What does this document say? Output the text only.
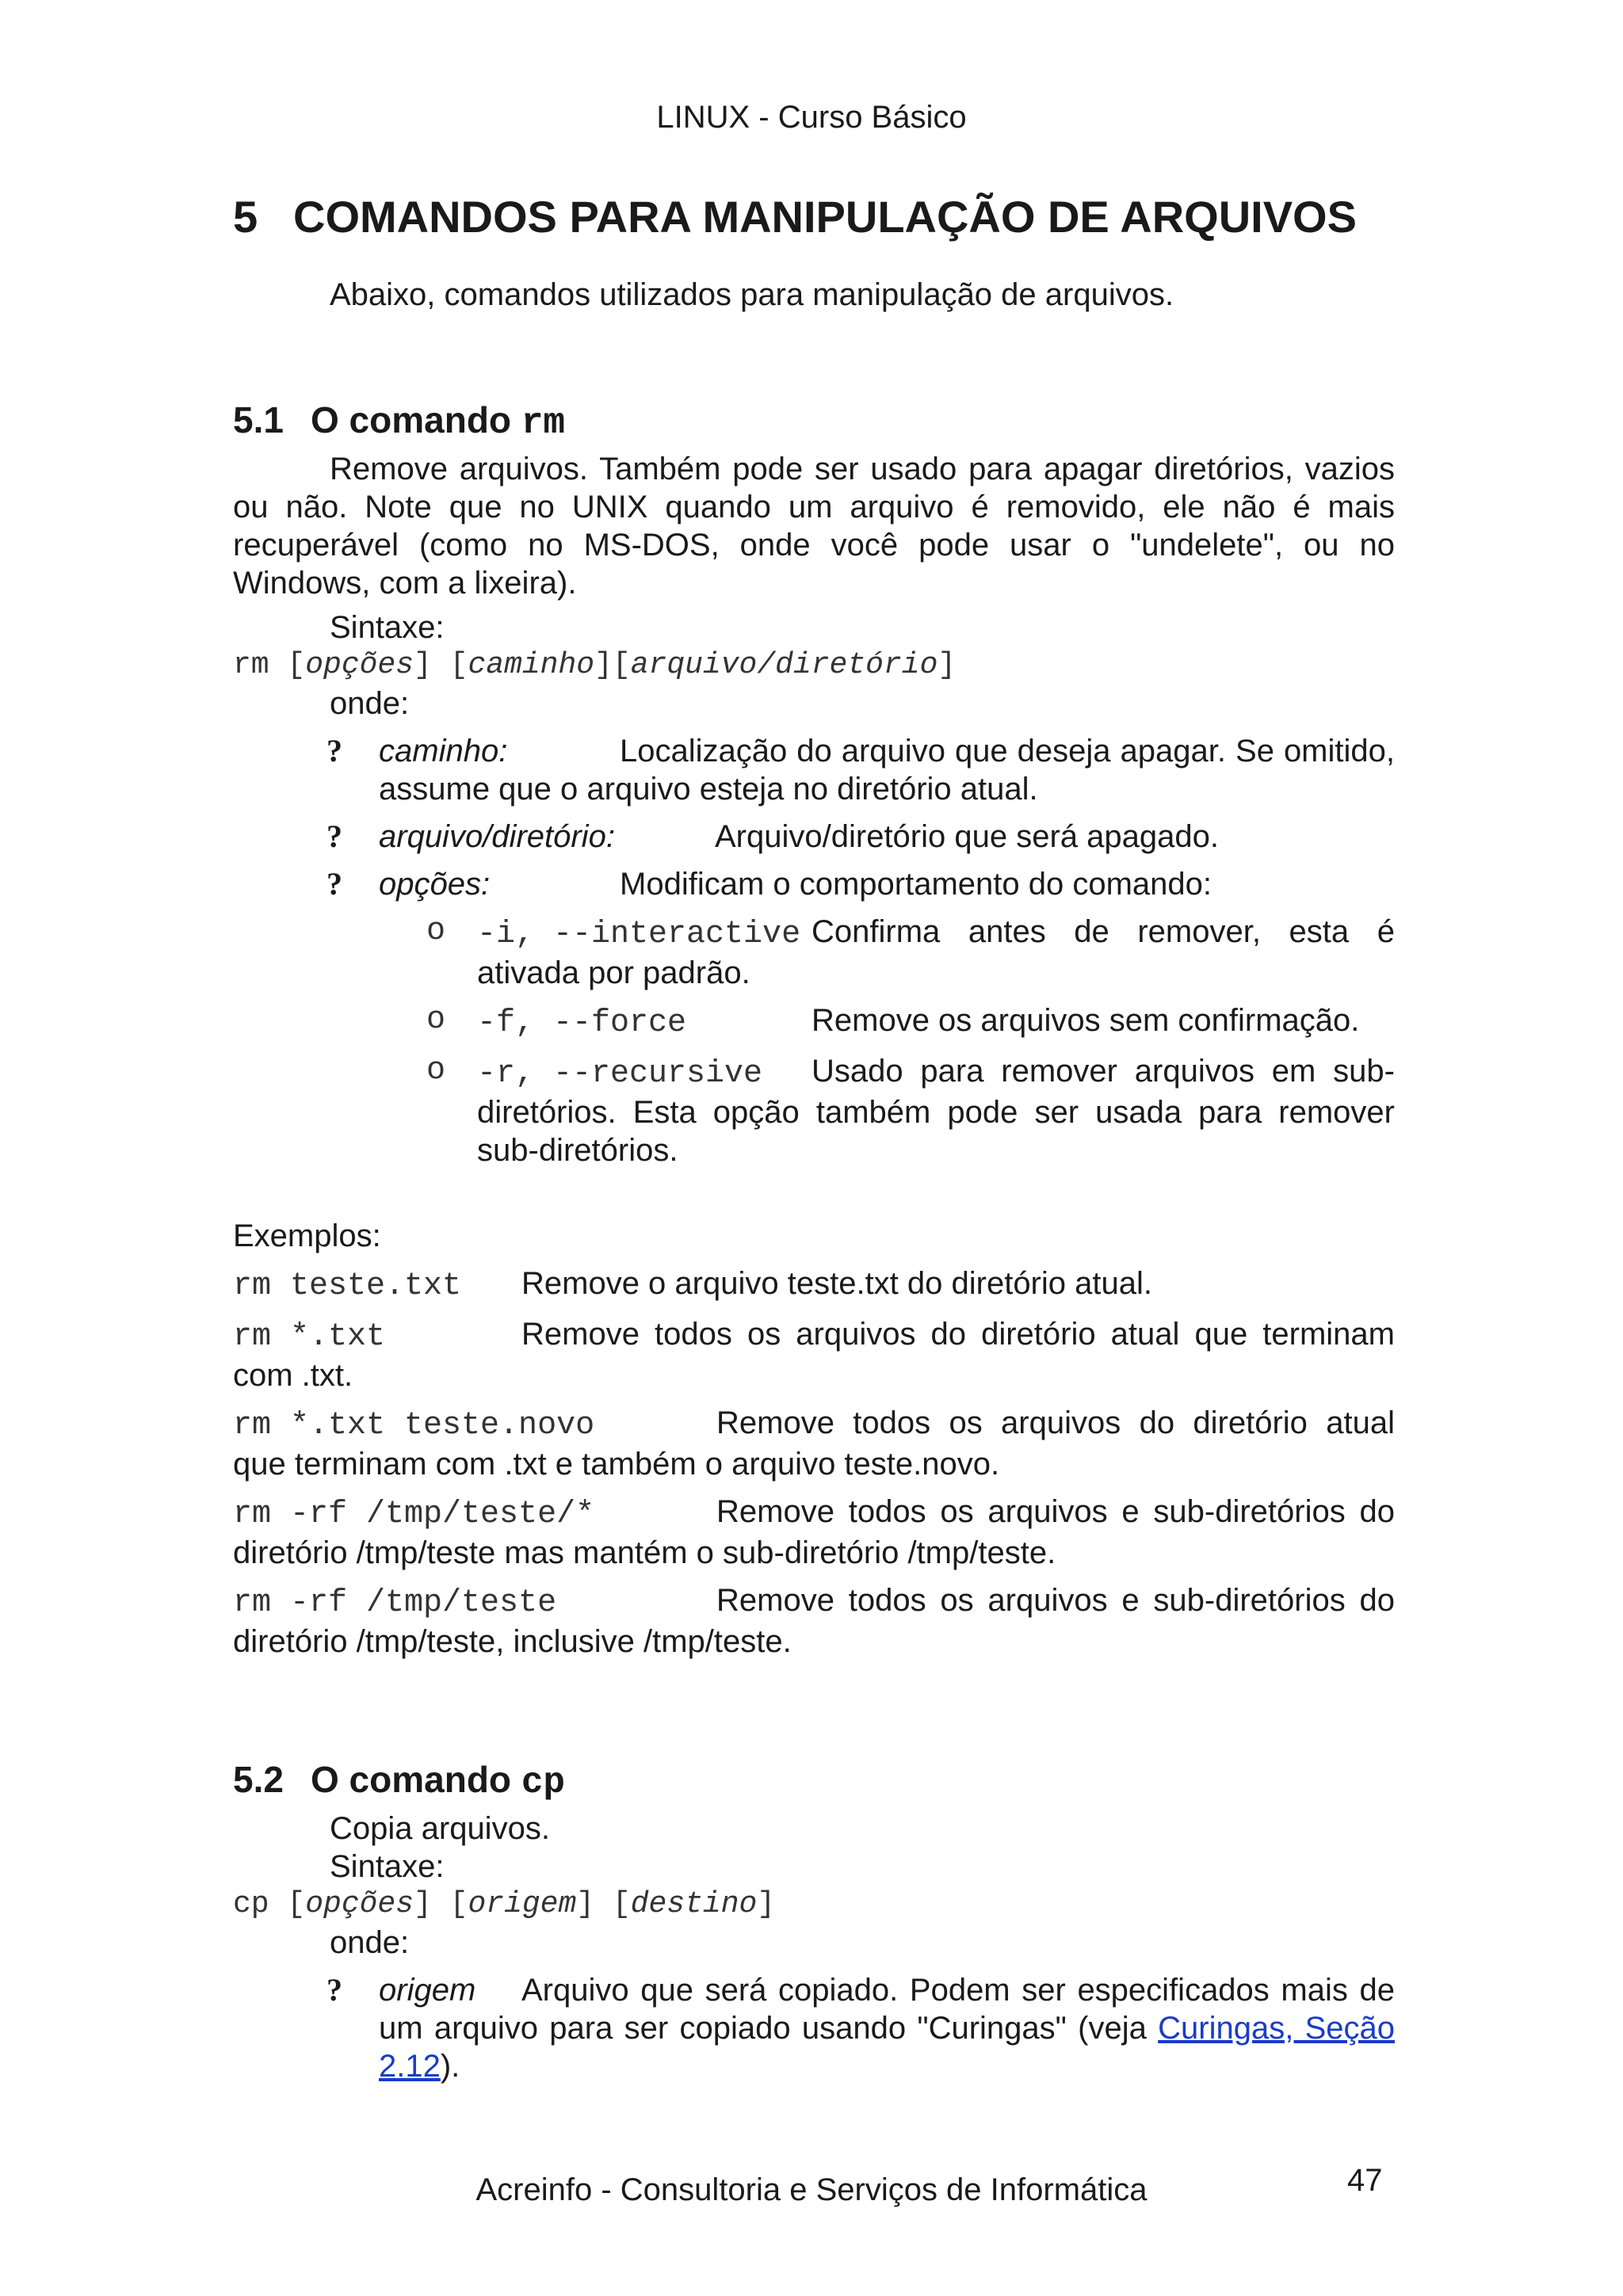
LINUX - Curso Básico
5 COMANDOS PARA MANIPULAÇÃO DE ARQUIVOS

Abaixo, comandos utilizados para manipulação de arquivos.

5.1 O comando rm

Remove arquivos. Também pode ser usado para apagar diretórios, vazios ou não. Note que no UNIX quando um arquivo é removido, ele não é mais recuperável (como no MS-DOS, onde você pode usar o "undelete", ou no Windows, com a lixeira).

Sintaxe:

rm [opções] [caminho][arquivo/diretório]

onde:

? caminho:	Localização do arquivo que deseja apagar. Se omitido, assume que o arquivo esteja no diretório atual.
? arquivo/diretório:	Arquivo/diretório que será apagado.
? opções:	Modificam o comportamento do comando:
o -i, --interactive Confirma antes de remover, esta é ativada por padrão.
o -f, --force	Remove os arquivos sem confirmação.
o -r, --recursive Usado para remover arquivos em sub-diretórios. Esta opção também pode ser usada para remover sub-diretórios.

Exemplos:

rm teste.txt Remove o arquivo teste.txt do diretório atual.
rm *.txt	Remove todos os arquivos do diretório atual que terminam com .txt.
rm *.txt teste.novo	Remove todos os arquivos do diretório atual que terminam com .txt e também o arquivo teste.novo.
rm -rf /tmp/teste/*	Remove todos os arquivos e sub-diretórios do diretório /tmp/teste mas mantém o sub-diretório /tmp/teste.
rm -rf /tmp/teste	Remove todos os arquivos e sub-diretórios do diretório /tmp/teste, inclusive /tmp/teste.
5.2 O comando cp

Copia arquivos.

Sintaxe:

cp [opções] [origem] [destino]

onde:

? origem Arquivo que será copiado. Podem ser especificados mais de um arquivo para ser copiado usando "Curingas" (veja Curingas, Seção 2.12).
47
Acreinfo - Consultoria e Serviços de Informática
